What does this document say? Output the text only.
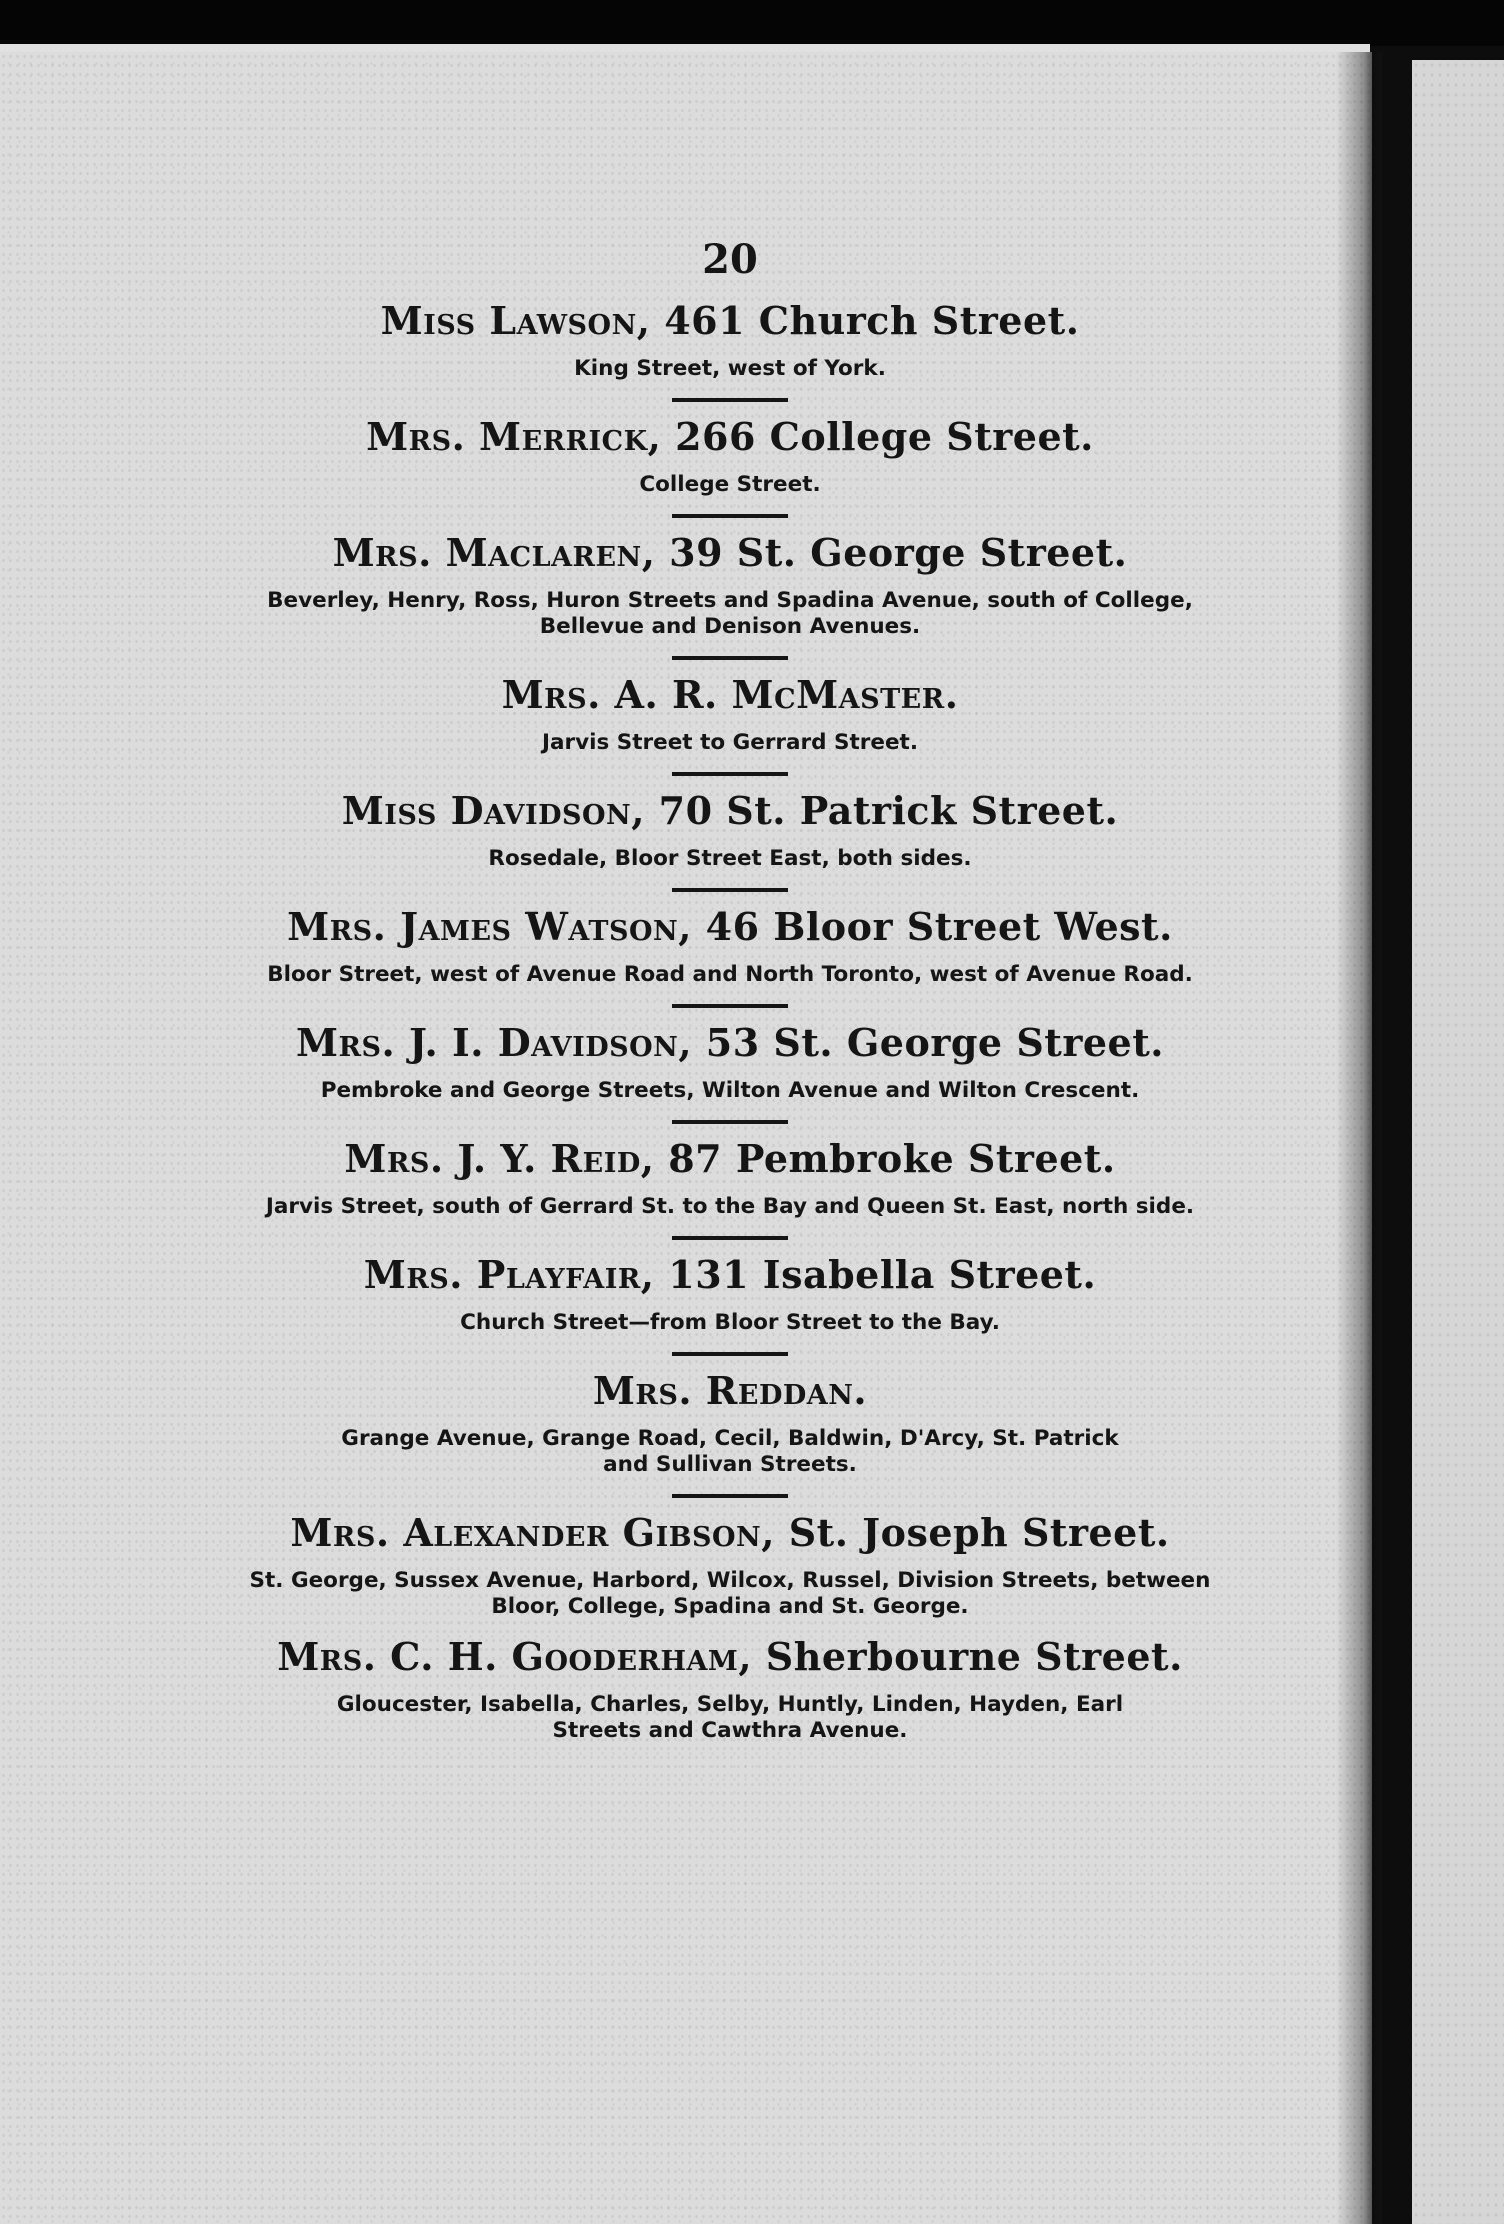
20
Miss Lawson, 461 Church Street.
King Street, west of York.
Mrs. Merrick, 266 College Street.
College Street.
Mrs. Maclaren, 39 St. George Street.
Beverley, Henry, Ross, Huron Streets and Spadina Avenue, south of College,
Bellevue and Denison Avenues.
Mrs. A. R. McMaster.
Jarvis Street to Gerrard Street.
Miss Davidson, 70 St. Patrick Street.
Rosedale, Bloor Street East, both sides.
Mrs. James Watson, 46 Bloor Street West.
Bloor Street, west of Avenue Road and North Toronto, west of Avenue Road.
Mrs. J. I. Davidson, 53 St. George Street.
Pembroke and George Streets, Wilton Avenue and Wilton Crescent.
Mrs. J. Y. Reid, 87 Pembroke Street.
Jarvis Street, south of Gerrard St. to the Bay and Queen St. East, north side.
Mrs. Playfair, 131 Isabella Street.
Church Street—from Bloor Street to the Bay.
Mrs. Reddan.
Grange Avenue, Grange Road, Cecil, Baldwin, D'Arcy, St. Patrick
and Sullivan Streets.
Mrs. Alexander Gibson, St. Joseph Street.
St. George, Sussex Avenue, Harbord, Wilcox, Russel, Division Streets, between
Bloor, College, Spadina and St. George.
Mrs. C. H. Gooderham, Sherbourne Street.
Gloucester, Isabella, Charles, Selby, Huntly, Linden, Hayden, Earl
Streets and Cawthra Avenue.
